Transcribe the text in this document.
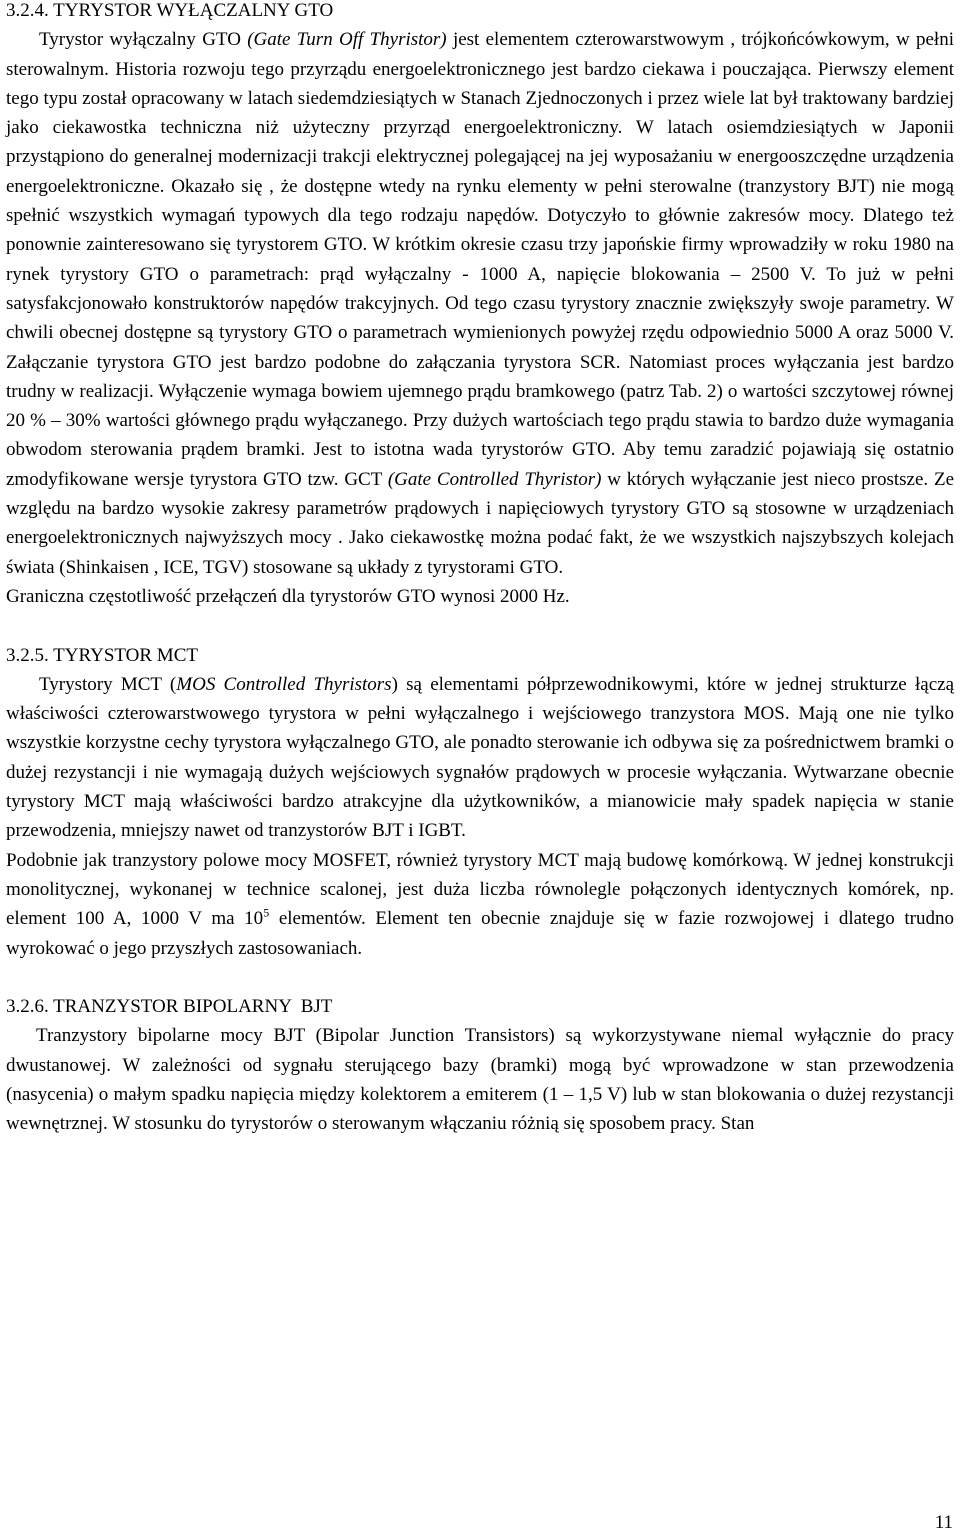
3.2.4. TYRYSTOR WYŁĄCZALNY GTO

Tyrystor wyłączalny GTO (Gate Turn Off Thyristor) jest elementem czterowarstwowym , trójkońcówkowym, w pełni sterowalnym. Historia rozwoju tego przyrządu energoelektronicznego jest bardzo ciekawa i pouczająca. Pierwszy element tego typu został opracowany w latach siedemdziesiątych w Stanach Zjednoczonych i przez wiele lat był traktowany bardziej jako ciekawostka techniczna niż użyteczny przyrząd energoelektroniczny. W latach osiemdziesiątych w Japonii przystąpiono do generalnej modernizacji trakcji elektrycznej polegającej na jej wyposażaniu w energooszczędne urządzenia energoelektroniczne. Okazało się , że dostępne wtedy na rynku elementy w pełni sterowalne (tranzystory BJT) nie mogą spełnić wszystkich wymagań typowych dla tego rodzaju napędów. Dotyczyło to głównie zakresów mocy. Dlatego też ponownie zainteresowano się tyrystorem GTO. W krótkim okresie czasu trzy japońskie firmy wprowadziły w roku 1980 na rynek tyrystory GTO o parametrach: prąd wyłączalny - 1000 A, napięcie blokowania – 2500 V. To już w pełni satysfakcjonowało konstruktorów napędów trakcyjnych. Od tego czasu tyrystory znacznie zwiększyły swoje parametry. W chwili obecnej dostępne są tyrystory GTO o parametrach wymienionych powyżej rzędu odpowiednio 5000 A oraz 5000 V. Załączanie tyrystora GTO jest bardzo podobne do załączania tyrystora SCR. Natomiast proces wyłączania jest bardzo trudny w realizacji. Wyłączenie wymaga bowiem ujemnego prądu bramkowego (patrz Tab. 2) o wartości szczytowej równej 20 % – 30% wartości głównego prądu wyłączanego. Przy dużych wartościach tego prądu stawia to bardzo duże wymagania obwodom sterowania prądem bramki. Jest to istotna wada tyrystorów GTO. Aby temu zaradzić pojawiają się ostatnio zmodyfikowane wersje tyrystora GTO tzw. GCT (Gate Controlled Thyristor) w których wyłączanie jest nieco prostsze. Ze względu na bardzo wysokie zakresy parametrów prądowych i napięciowych tyrystory GTO są stosowne w urządzeniach energoelektronicznych najwyższych mocy . Jako ciekawostkę można podać fakt, że we wszystkich najszybszych kolejach świata (Shinkaisen , ICE, TGV) stosowane są układy z tyrystorami GTO.

Graniczna częstotliwość przełączeń dla tyrystorów GTO wynosi 2000 Hz.

3.2.5. TYRYSTOR MCT

Tyrystory MCT (MOS Controlled Thyristors) są elementami półprzewodnikowymi, które w jednej strukturze łączą właściwości czterowarstwowego tyrystora w pełni wyłączalnego i wejściowego tranzystora MOS. Mają one nie tylko wszystkie korzystne cechy tyrystora wyłączalnego GTO, ale ponadto sterowanie ich odbywa się za pośrednictwem bramki o dużej rezystancji i nie wymagają dużych wejściowych sygnałów prądowych w procesie wyłączania. Wytwarzane obecnie tyrystory MCT mają właściwości bardzo atrakcyjne dla użytkowników, a mianowicie mały spadek napięcia w stanie przewodzenia, mniejszy nawet od tranzystorów BJT i IGBT.

Podobnie jak tranzystory polowe mocy MOSFET, również tyrystory MCT mają budowę komórkową. W jednej konstrukcji monolitycznej, wykonanej w technice scalonej, jest duża liczba równolegle połączonych identycznych komórek, np. element 100 A, 1000 V ma $10^5$ elementów. Element ten obecnie znajduje się w fazie rozwojowej i dlatego trudno wyrokować o jego przyszłych zastosowaniach.

3.2.6. TRANZYSTOR BIPOLARNY  BJT

Tranzystory bipolarne mocy BJT (Bipolar Junction Transistors) są wykorzystywane niemal wyłącznie do pracy dwustanowej. W zależności od sygnału sterującego bazy (bramki) mogą być wprowadzone w stan przewodzenia (nasycenia) o małym spadku napięcia między kolektorem a emiterem (1 – 1,5 V) lub w stan blokowania o dużej rezystancji wewnętrznej. W stosunku do tyrystorów o sterowanym włączaniu różnią się sposobem pracy. Stan

11
